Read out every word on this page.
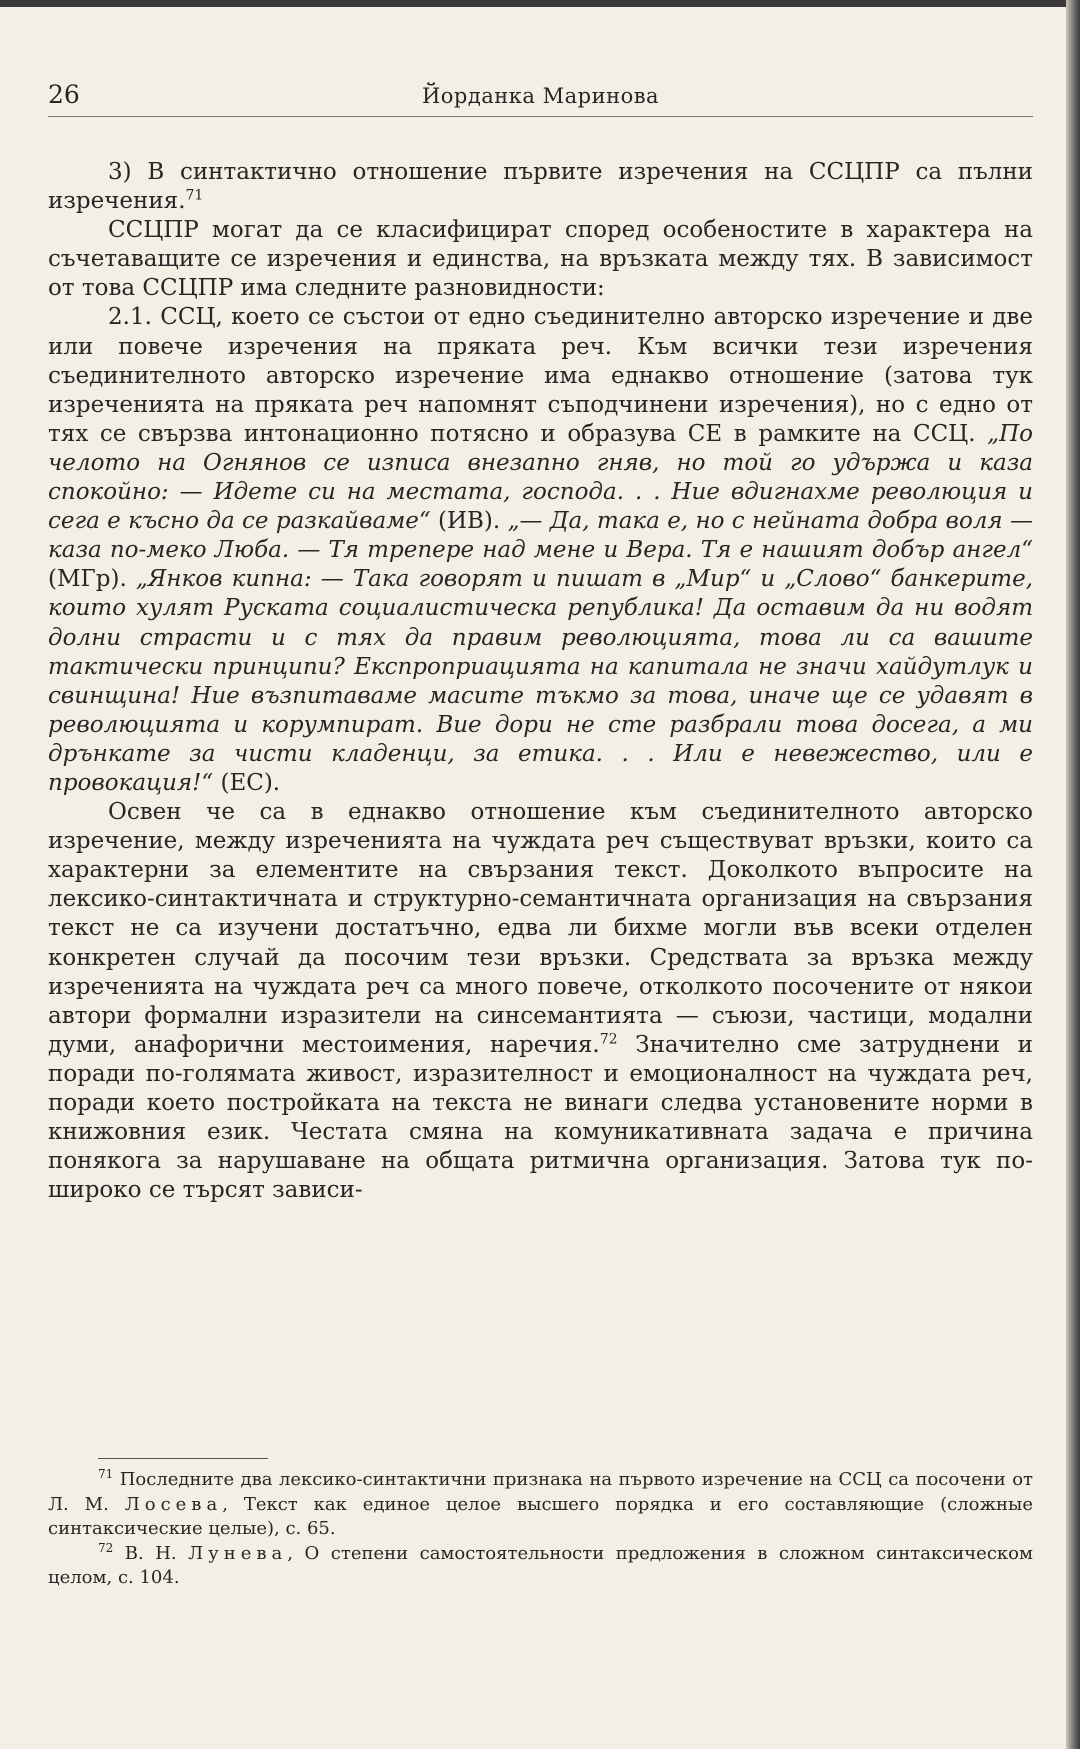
26	Йорданка Маринова

3) В синтактично отношение първите изречения на ССЦПР са пълни изречения.$^{71}$

ССЦПР могат да се класифицират според особеностите в характера на съчетаващите се изречения и единства, на връзката между тях. В зависимост от това ССЦПР има следните разновидности:

2.1. ССЦ, което се състои от едно съединително авторско изречение и две или повече изречения на пряката реч. Към всички тези изречения съединителното авторско изречение има еднакво отношение (затова тук изреченията на пряката реч напомнят съподчинени изречения), но с едно от тях се свързва интонационно потясно и образува СЕ в рамките на ССЦ. „По челото на Огнянов се изписа внезапно гняв, но той го удържа и каза спокойно: — Идете си на местата, господа. . . Ние вдигнахме революция и сега е късно да се разкайваме“ (ИВ). „— Да, така е, но с нейната добра воля — каза по-меко Люба. — Тя трепере над мене и Вера. Тя е нашият добър ангел“ (МГр). „Янков кипна: — Така говорят и пишат в „Мир“ и „Слово“ банкерите, които хулят Руската социалистическа република! Да оставим да ни водят долни страсти и с тях да правим революцията, това ли са вашите тактически принципи? Експроприацията на капитала не значи хайдутлук и свинщина! Ние възпитаваме масите тъкмо за това, иначе ще се удавят в революцията и корумпират. Вие дори не сте разбрали това досега, а ми дрънкате за чисти кладенци, за етика. . . Или е невежество, или е провокация!“ (ЕС).

Освен че са в еднакво отношение към съединителното авторско изречение, между изреченията на чуждата реч съществуват връзки, които са характерни за елементите на свързания текст. Доколкото въпросите на лексико-синтактичната и структурно-семантичната организация на свързания текст не са изучени достатъчно, едва ли бихме могли във всеки отделен конкретен случай да посочим тези връзки. Средствата за връзка между изреченията на чуждата реч са много повече, отколкото посочените от някои автори формални изразители на синсемантията — съюзи, частици, модални думи, анафорични местоимения, наречия.$^{72}$ Значително сме затруднени и поради по-голямата живост, изразителност и емоционалност на чуждата реч, поради което постройката на текста не винаги следва установените норми в книжовния език. Честата смяна на комуникативната задача е причина понякога за нарушаване на общата ритмична организация. Затова тук по-широко се търсят зависи-

$^{71}$ Последните два лексико-синтактични признака на първото изречение на ССЦ са посочени от Л. М. Лосева, Текст как единое целое высшего порядка и его составляющие (сложные синтаксические целые), с. 65.

$^{72}$ В. Н. Лунева, О степени самостоятельности предложения в сложном синтаксическом целом, с. 104.
